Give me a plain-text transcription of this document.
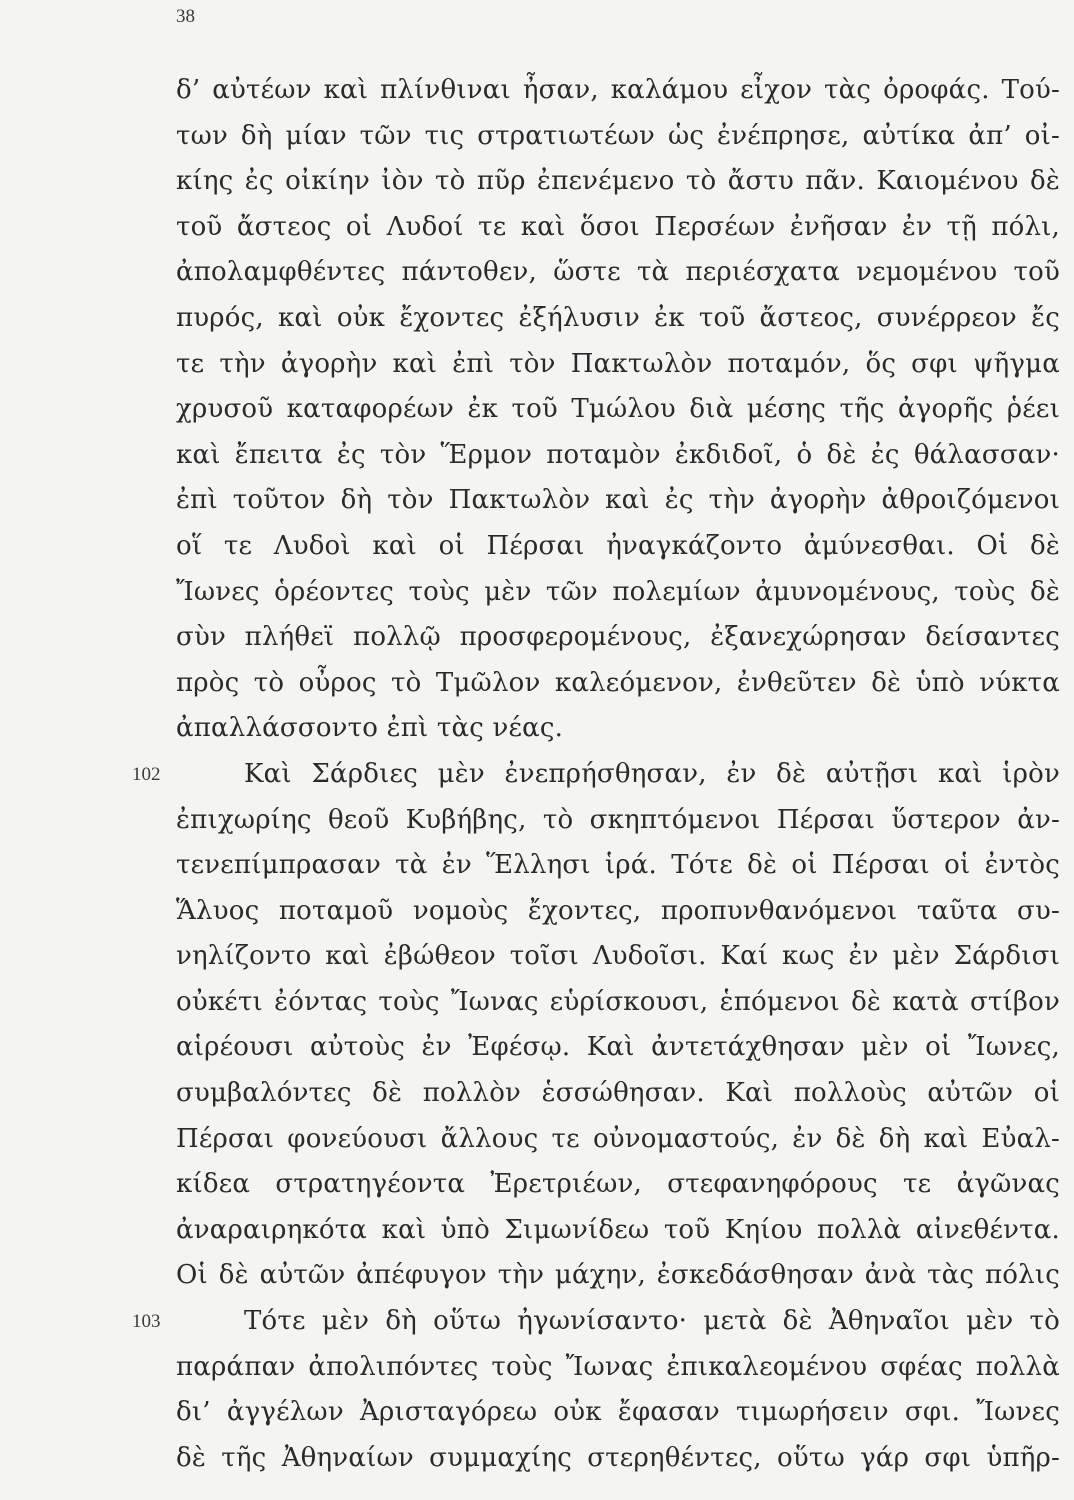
38
δ’ αὐτέων καὶ πλίνθιναι ἦσαν, καλάμου εἶχον τὰς ὀροφάς. Τού-
των δὴ μίαν τῶν τις στρατιωτέων ὡς ἐνέπρησε, αὐτίκα ἀπ’ οἰ-
κίης ἐς οἰκίην ἰὸν τὸ πῦρ ἐπενέμενο τὸ ἄστυ πᾶν. Καιομένου δὲ
τοῦ ἄστεος οἱ Λυδοί τε καὶ ὅσοι Περσέων ἐνῆσαν ἐν τῇ πόλι,
ἀπολαμφθέντες πάντοθεν, ὥστε τὰ περιέσχατα νεμομένου τοῦ
πυρός, καὶ οὐκ ἔχοντες ἐξήλυσιν ἐκ τοῦ ἄστεος, συνέρρεον ἔς
τε τὴν ἀγορὴν καὶ ἐπὶ τὸν Πακτωλὸν ποταμόν, ὅς σφι ψῆγμα
χρυσοῦ καταφορέων ἐκ τοῦ Τμώλου διὰ μέσης τῆς ἀγορῆς ῥέει
καὶ ἔπειτα ἐς τὸν Ἕρμον ποταμὸν ἐκδιδοῖ, ὁ δὲ ἐς θάλασσαν·
ἐπὶ τοῦτον δὴ τὸν Πακτωλὸν καὶ ἐς τὴν ἀγορὴν ἀθροιζόμενοι
οἵ τε Λυδοὶ καὶ οἱ Πέρσαι ἠναγκάζοντο ἀμύνεσθαι. Οἱ δὲ
Ἴωνες ὁρέοντες τοὺς μὲν τῶν πολεμίων ἀμυνομένους, τοὺς δὲ
σὺν πλήθεϊ πολλῷ προσφερομένους, ἐξανεχώρησαν δείσαντες
πρὸς τὸ οὖρος τὸ Τμῶλον καλεόμενον, ἐνθεῦτεν δὲ ὑπὸ νύκτα
ἀπαλλάσσοντο ἐπὶ τὰς νέας.
102	Καὶ Σάρδιες μὲν ἐνεπρήσθησαν, ἐν δὲ αὐτῇσι καὶ ἱρὸν
ἐπιχωρίης θεοῦ Κυβήβης, τὸ σκηπτόμενοι Πέρσαι ὕστερον ἀν-
τενεπίμπρασαν τὰ ἐν Ἕλλησι ἱρά. Τότε δὲ οἱ Πέρσαι οἱ ἐντὸς
Ἅλυος ποταμοῦ νομοὺς ἔχοντες, προπυνθανόμενοι ταῦτα συ-
νηλίζοντο καὶ ἐβώθεον τοῖσι Λυδοῖσι. Καί κως ἐν μὲν Σάρδισι
οὐκέτι ἐόντας τοὺς Ἴωνας εὑρίσκουσι, ἑπόμενοι δὲ κατὰ στίβον
αἱρέουσι αὐτοὺς ἐν Ἐφέσῳ. Καὶ ἀντετάχθησαν μὲν οἱ Ἴωνες,
συμβαλόντες δὲ πολλὸν ἑσσώθησαν. Καὶ πολλοὺς αὐτῶν οἱ
Πέρσαι φονεύουσι ἄλλους τε οὐνομαστούς, ἐν δὲ δὴ καὶ Εὐαλ-
κίδεα στρατηγέοντα Ἐρετριέων, στεφανηφόρους τε ἀγῶνας
ἀναραιρηκότα καὶ ὑπὸ Σιμωνίδεω τοῦ Κηίου πολλὰ αἰνεθέντα.
Οἱ δὲ αὐτῶν ἀπέφυγον τὴν μάχην, ἐσκεδάσθησαν ἀνὰ τὰς πόλις
103	Τότε μὲν δὴ οὕτω ἠγωνίσαντο· μετὰ δὲ Ἀθηναῖοι μὲν τὸ
παράπαν ἀπολιπόντες τοὺς Ἴωνας ἐπικαλεομένου σφέας πολλὰ
δι’ ἀγγέλων Ἀρισταγόρεω οὐκ ἔφασαν τιμωρήσειν σφι. Ἴωνες
δὲ τῆς Ἀθηναίων συμμαχίης στερηθέντες, οὕτω γάρ σφι ὑπῆρ-
